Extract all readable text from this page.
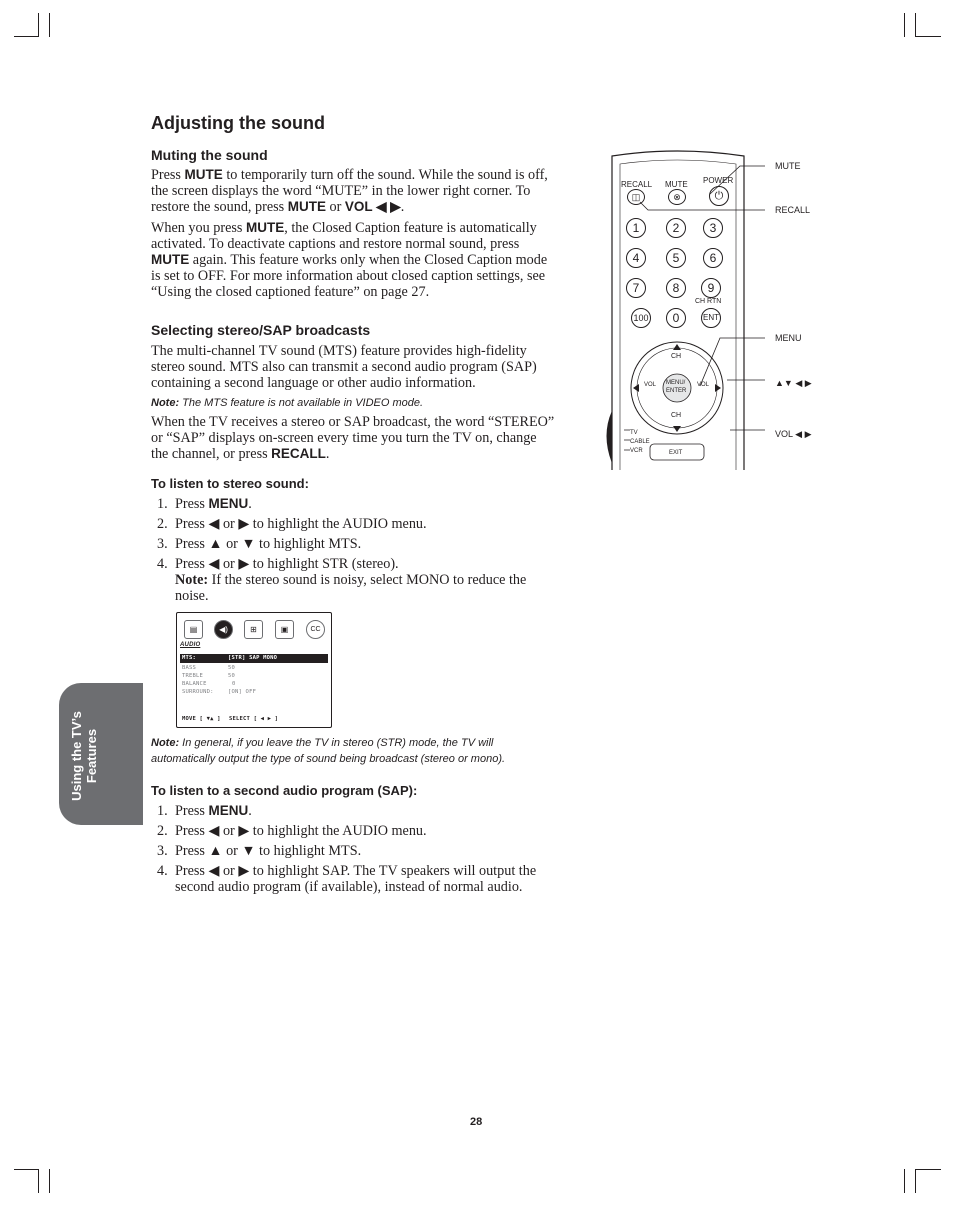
Adjusting the sound
Muting the sound

Press MUTE to temporarily turn off the sound. While the sound is off, the screen displays the word “MUTE” in the lower right corner. To restore the sound, press MUTE or VOL ◀ ▶.

When you press MUTE, the Closed Caption feature is automatically activated. To deactivate captions and restore normal sound, press MUTE again. This feature works only when the Closed Caption mode is set to OFF. For more information about closed caption settings, see “Using the closed captioned feature” on page 27.

Selecting stereo/SAP broadcasts

The multi-channel TV sound (MTS) feature provides high-fidelity stereo sound. MTS also can transmit a second audio program (SAP) containing a second language or other audio information.

Note: The MTS feature is not available in VIDEO mode.

When the TV receives a stereo or SAP broadcast, the word “STEREO” or “SAP” displays on-screen every time you turn the TV on, change the channel, or press RECALL.

To listen to stereo sound:
1. Press MENU.
2. Press ◀ or ▶ to highlight the AUDIO menu.
3. Press ▲ or ▼ to highlight MTS.
4. Press ◀ or ▶ to highlight STR (stereo).
Note: If the stereo sound is noisy, select MONO to reduce the noise.
▤	◀)	⊞	▣	CC
AUDIO
MTS:	[STR] SAP MONO
BASS	50
TREBLE	50
BALANCE	0
SURROUND:	[ON] OFF
MOVE [ ▼▲ ] SELECT [ ◀ ▶ ]
Note: In general, if you leave the TV in stereo (STR) mode, the TV will automatically output the type of sound being broadcast (stereo or mono).
To listen to a second audio program (SAP):
1. Press MENU.
2. Press ◀ or ▶ to highlight the AUDIO menu.
3. Press ▲ or ▼ to highlight MTS.
4. Press ◀ or ▶ to highlight SAP. The TV speakers will output the second audio program (if available), instead of normal audio.
Using the TV’s Features
RECALL MUTE POWER
◫	⊗	⏻
1	2	3
4	5	6
7	8	9
CH RTN
100	0	ENT
CH
CH
VOL	VOL
MENU/
ENTER
TV
CABLE
VCR	EXIT
MUTE
RECALL
MENU
▲▼ ◀ ▶
VOL ◀ ▶
28
